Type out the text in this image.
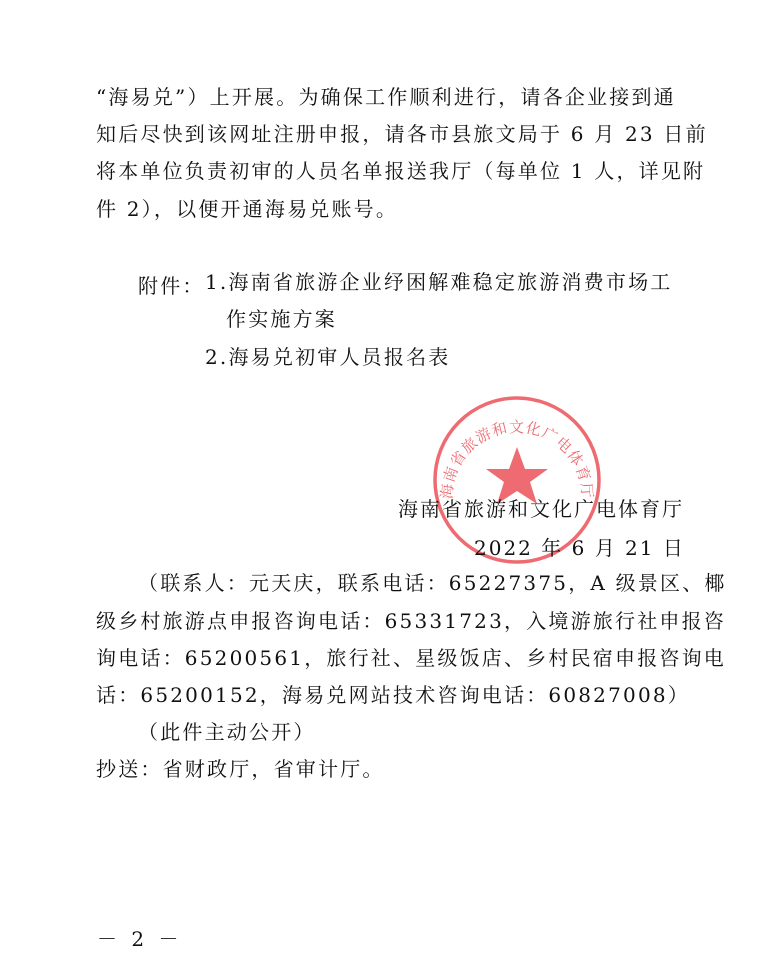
“海易兑”）上开展。为确保工作顺利进行，请各企业接到通
知后尽快到该网址注册申报，请各市县旅文局于 6 月 23 日前
将本单位负责初审的人员名单报送我厅（每单位 1 人，详见附
件 2），以便开通海易兑账号。
附件： 1.海南省旅游企业纾困解难稳定旅游消费市场工
作实施方案
2.海易兑初审人员报名表
海南省旅游和文化广电体育厅
海南省旅游和文化广电体育厅
2022 年 6 月 21 日
（联系人：元天庆，联系电话：65227375，A 级景区、椰
级乡村旅游点申报咨询电话：65331723，入境游旅行社申报咨
询电话：65200561，旅行社、星级饭店、乡村民宿申报咨询电
话：65200152，海易兑网站技术咨询电话：60827008）
（此件主动公开）
抄送：省财政厅，省审计厅。
－ 2 －
